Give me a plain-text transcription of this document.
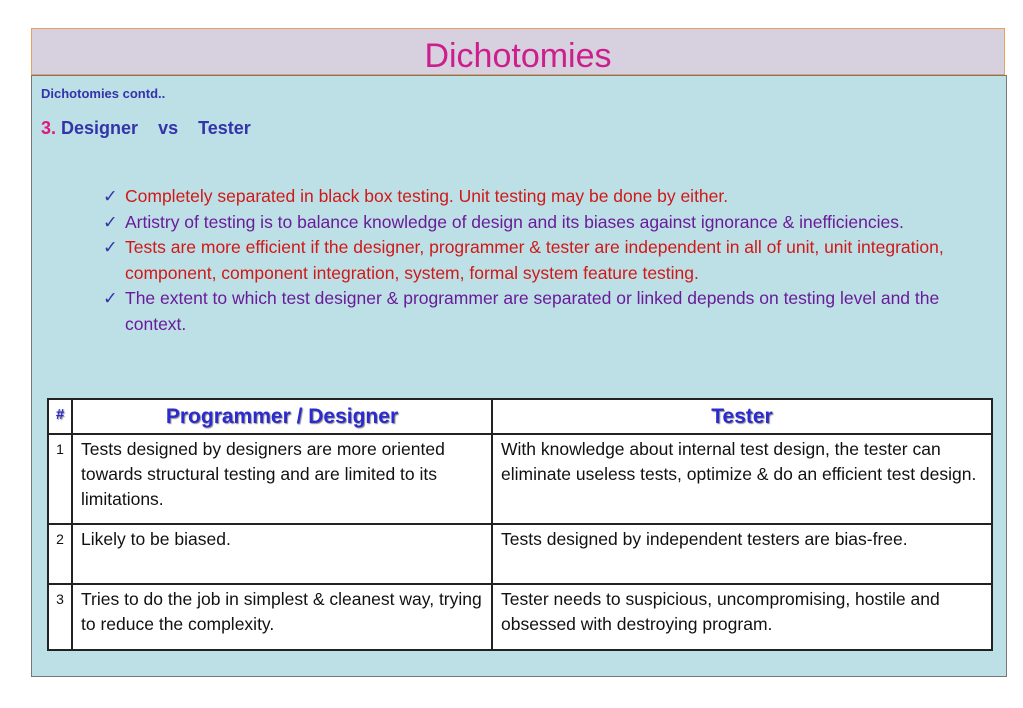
Dichotomies
Dichotomies contd..
3. Designer vs Tester
✓ Completely separated in black box testing. Unit testing may be done by either.
✓ Artistry of testing is to balance knowledge of design and its biases against ignorance & inefficiencies.
✓ Tests are more efficient if the designer, programmer & tester are independent in all of unit, unit integration, component, component integration, system, formal system feature testing.
✓ The extent to which test designer & programmer are separated or linked depends on testing level and the context.
#	Programmer / Designer	Tester
1	Tests designed by designers are more oriented towards structural testing and are limited to its limitations.	With knowledge about internal test design, the tester can eliminate useless tests, optimize & do an efficient test design.
2	Likely to be biased.	Tests designed by independent testers are bias-free.
3	Tries to do the job in simplest & cleanest way, trying to reduce the complexity.	Tester needs to suspicious, uncompromising, hostile and obsessed with destroying program.
